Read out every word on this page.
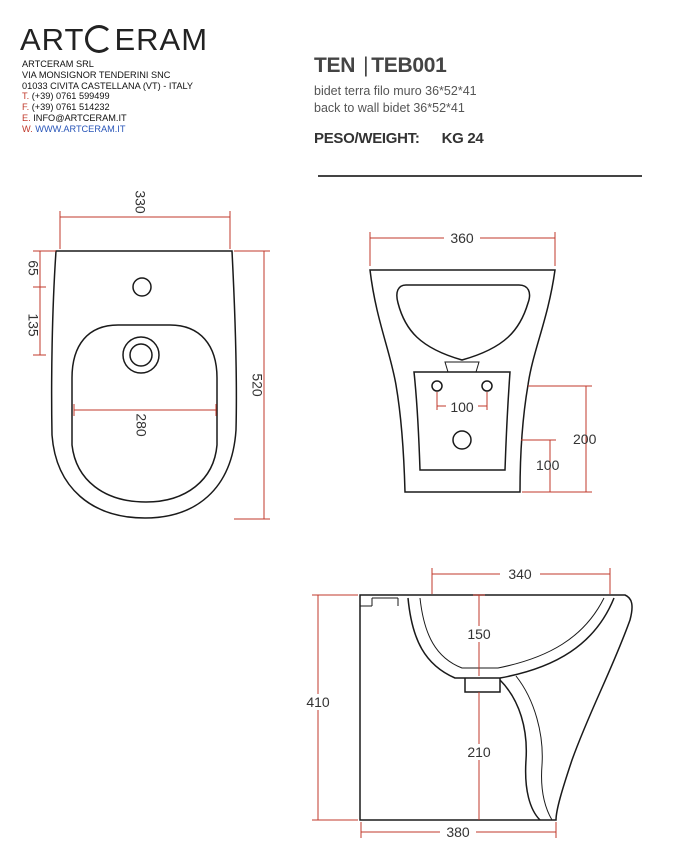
ART ERAM
ARTCERAM SRL
VIA MONSIGNOR TENDERINI SNC
01033 CIVITA CASTELLANA (VT) - ITALY
T. (+39) 0761 599499
F. (+39) 0761 514232
E. INFO@ARTCERAM.IT
W. WWW.ARTCERAM.IT
TEN | TEB001
bidet terra filo muro 36*52*41
back to wall bidet 36*52*41
PESO/WEIGHT: KG 24
330
280
65
135
520
360
100
200
100
340
150
210
410
380
